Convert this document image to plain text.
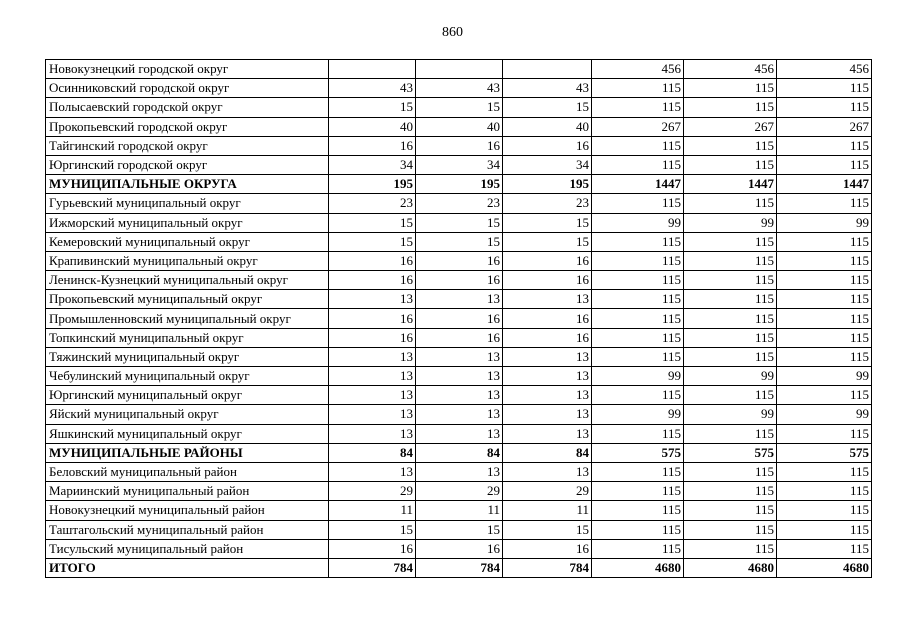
860
Новокузнецкий городской округ				456	456	456
Осинниковский городской округ	43	43	43	115	115	115
Полысаевский городской округ	15	15	15	115	115	115
Прокопьевский городской округ	40	40	40	267	267	267
Тайгинский городской округ	16	16	16	115	115	115
Юргинский городской округ	34	34	34	115	115	115
МУНИЦИПАЛЬНЫЕ ОКРУГА	195	195	195	1447	1447	1447
Гурьевский муниципальный округ	23	23	23	115	115	115
Ижморский муниципальный округ	15	15	15	99	99	99
Кемеровский муниципальный округ	15	15	15	115	115	115
Крапивинский муниципальный округ	16	16	16	115	115	115
Ленинск-Кузнецкий муниципальный округ	16	16	16	115	115	115
Прокопьевский муниципальный округ	13	13	13	115	115	115
Промышленновский муниципальный округ	16	16	16	115	115	115
Топкинский муниципальный округ	16	16	16	115	115	115
Тяжинский муниципальный округ	13	13	13	115	115	115
Чебулинский муниципальный округ	13	13	13	99	99	99
Юргинский муниципальный округ	13	13	13	115	115	115
Яйский муниципальный округ	13	13	13	99	99	99
Яшкинский муниципальный округ	13	13	13	115	115	115
МУНИЦИПАЛЬНЫЕ РАЙОНЫ	84	84	84	575	575	575
Беловский муниципальный район	13	13	13	115	115	115
Мариинский муниципальный район	29	29	29	115	115	115
Новокузнецкий муниципальный район	11	11	11	115	115	115
Таштагольский муниципальный район	15	15	15	115	115	115
Тисульский муниципальный район	16	16	16	115	115	115
ИТОГО	784	784	784	4680	4680	4680
